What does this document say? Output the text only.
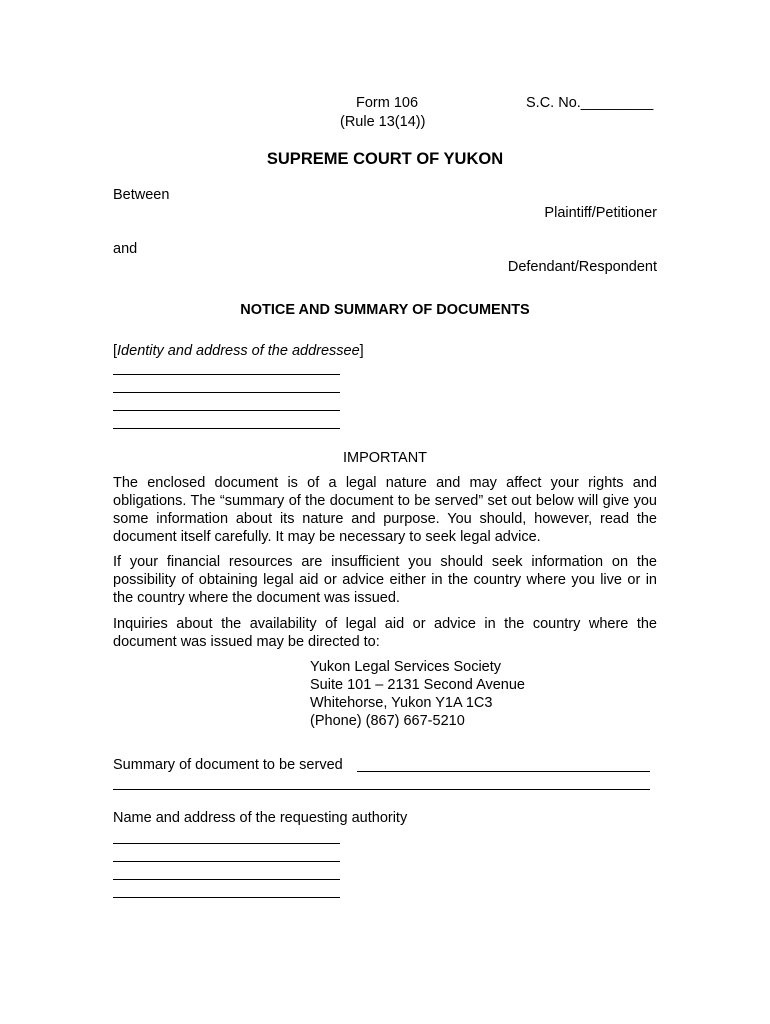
Form 106
(Rule 13(14))
S.C. No._________
SUPREME COURT OF YUKON
Between
Plaintiff/Petitioner
and
Defendant/Respondent
NOTICE AND SUMMARY OF DOCUMENTS
[Identity and address of the addressee]
IMPORTANT
The enclosed document is of a legal nature and may affect your rights and obligations. The “summary of the document to be served” set out below will give you some information about its nature and purpose. You should, however, read the document itself carefully. It may be necessary to seek legal advice.
If your financial resources are insufficient you should seek information on the possibility of obtaining legal aid or advice either in the country where you live or in the country where the document was issued.
Inquiries about the availability of legal aid or advice in the country where the document was issued may be directed to:
Yukon Legal Services Society
Suite 101 – 2131 Second Avenue
Whitehorse, Yukon Y1A 1C3
(Phone) (867) 667-5210
Summary of document to be served
Name and address of the requesting authority
